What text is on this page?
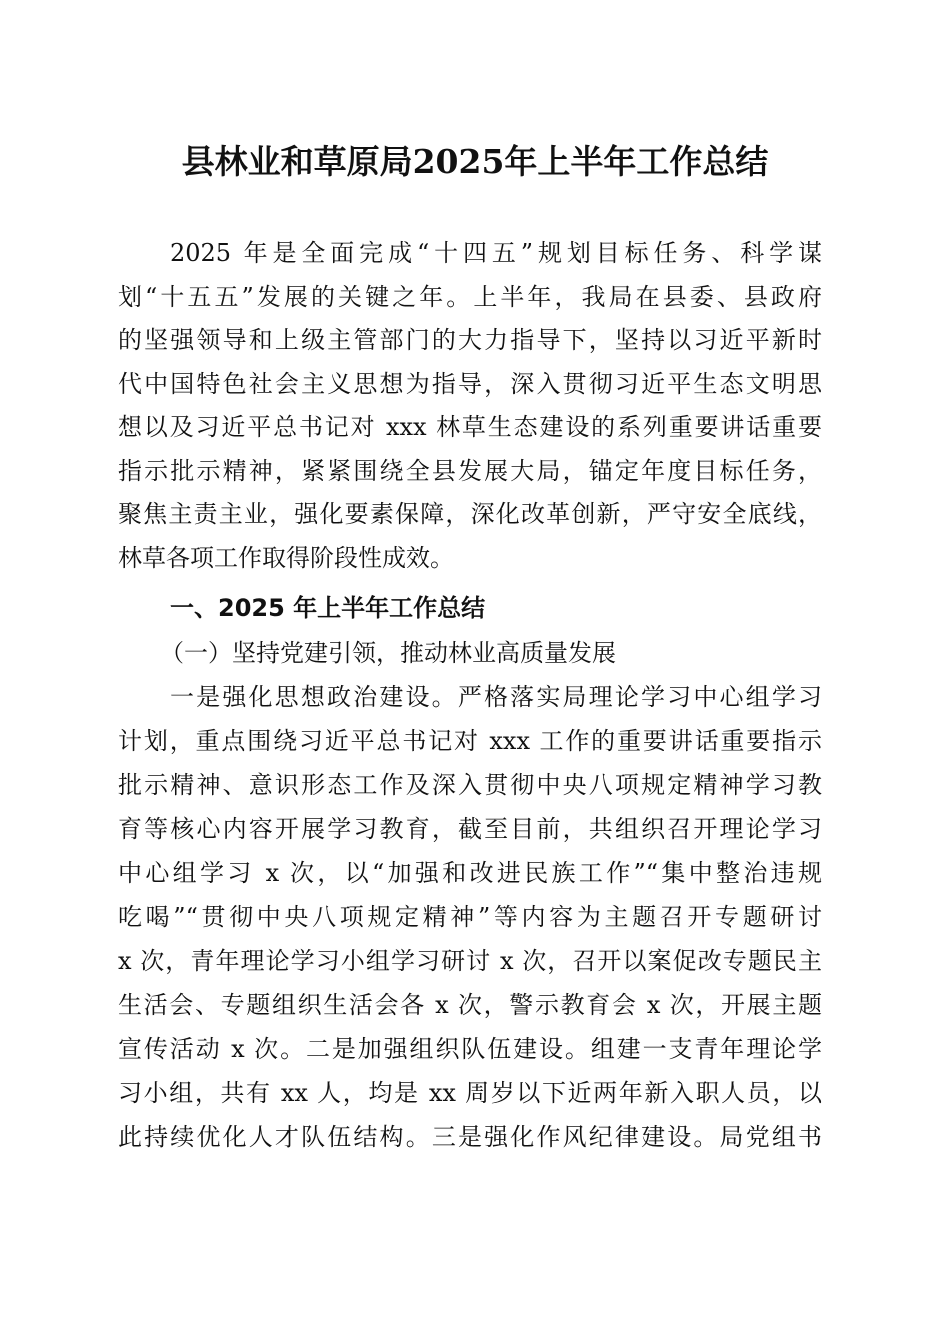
县林业和草原局2025年上半年工作总结
2025 年是全面完成“十四五”规划目标任务、科学谋
划“十五五”发展的关键之年。上半年，我局在县委、县政府
的坚强领导和上级主管部门的大力指导下，坚持以习近平新时
代中国特色社会主义思想为指导，深入贯彻习近平生态文明思
想以及习近平总书记对 xxx 林草生态建设的系列重要讲话重要
指示批示精神，紧紧围绕全县发展大局，锚定年度目标任务，
聚焦主责主业，强化要素保障，深化改革创新，严守安全底线，
林草各项工作取得阶段性成效。
一、2025 年上半年工作总结
（一）坚持党建引领，推动林业高质量发展
一是强化思想政治建设。严格落实局理论学习中心组学习
计划，重点围绕习近平总书记对 xxx 工作的重要讲话重要指示
批示精神、意识形态工作及深入贯彻中央八项规定精神学习教
育等核心内容开展学习教育，截至目前，共组织召开理论学习
中心组学习 x 次，以“加强和改进民族工作”“集中整治违规
吃喝”“贯彻中央八项规定精神”等内容为主题召开专题研讨
x 次，青年理论学习小组学习研讨 x 次，召开以案促改专题民主
生活会、专题组织生活会各 x 次，警示教育会 x 次，开展主题
宣传活动 x 次。二是加强组织队伍建设。组建一支青年理论学
习小组，共有 xx 人，均是 xx 周岁以下近两年新入职人员，以
此持续优化人才队伍结构。三是强化作风纪律建设。局党组书
